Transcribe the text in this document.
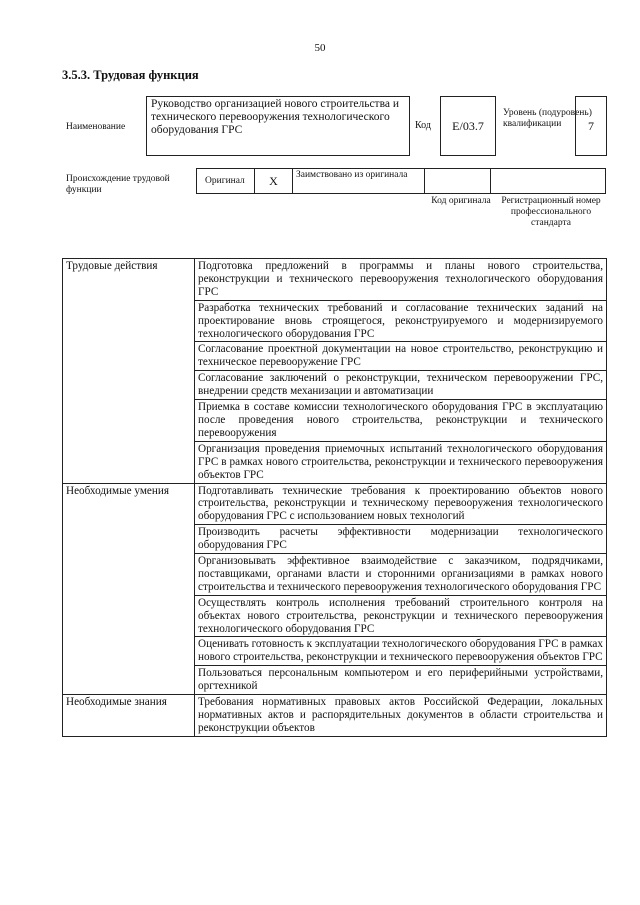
50
3.5.3. Трудовая функция
Наименование
Руководство организацией нового строительства и технического перевооружения технологического оборудования ГРС	Код	E/03.7
Уровень (подуровень) квалификации	7
Происхождение трудовой функции
Оригинал	X	Заимствовано из оригинала
Код оригинала	Регистрационный номер профессионального стандарта
Трудовые действия	Подготовка предложений в программы и планы нового строительства, реконструкции и технического перевооружения технологического оборудования ГРС
	Разработка технических требований и согласование технических заданий на проектирование вновь строящегося, реконструируемого и модернизируемого технологического оборудования ГРС
	Согласование проектной документации на новое строительство, реконструкцию и техническое перевооружение ГРС
	Согласование заключений о реконструкции, техническом перевооружении ГРС, внедрении средств механизации и автоматизации
	Приемка в составе комиссии технологического оборудования ГРС в эксплуатацию после проведения нового строительства, реконструкции и технического перевооружения
	Организация проведения приемочных испытаний технологического оборудования ГРС в рамках нового строительства, реконструкции и технического перевооружения объектов ГРС
Необходимые умения	Подготавливать технические требования к проектированию объектов нового строительства, реконструкции и техническому перевооружения технологического оборудования ГРС с использованием новых технологий
	Производить расчеты эффективности модернизации технологического оборудования ГРС
	Организовывать эффективное взаимодействие с заказчиком, подрядчиками, поставщиками, органами власти и сторонними организациями в рамках нового строительства и технического перевооружения технологического оборудования ГРС
	Осуществлять контроль исполнения требований строительного контроля на объектах нового строительства, реконструкции и технического перевооружения технологического оборудования ГРС
	Оценивать готовность к эксплуатации технологического оборудования ГРС в рамках нового строительства, реконструкции и технического перевооружения объектов ГРС
	Пользоваться персональным компьютером и его периферийными устройствами, оргтехникой
Необходимые знания	Требования нормативных правовых актов Российской Федерации, локальных нормативных актов и распорядительных документов в области строительства и реконструкции объектов
